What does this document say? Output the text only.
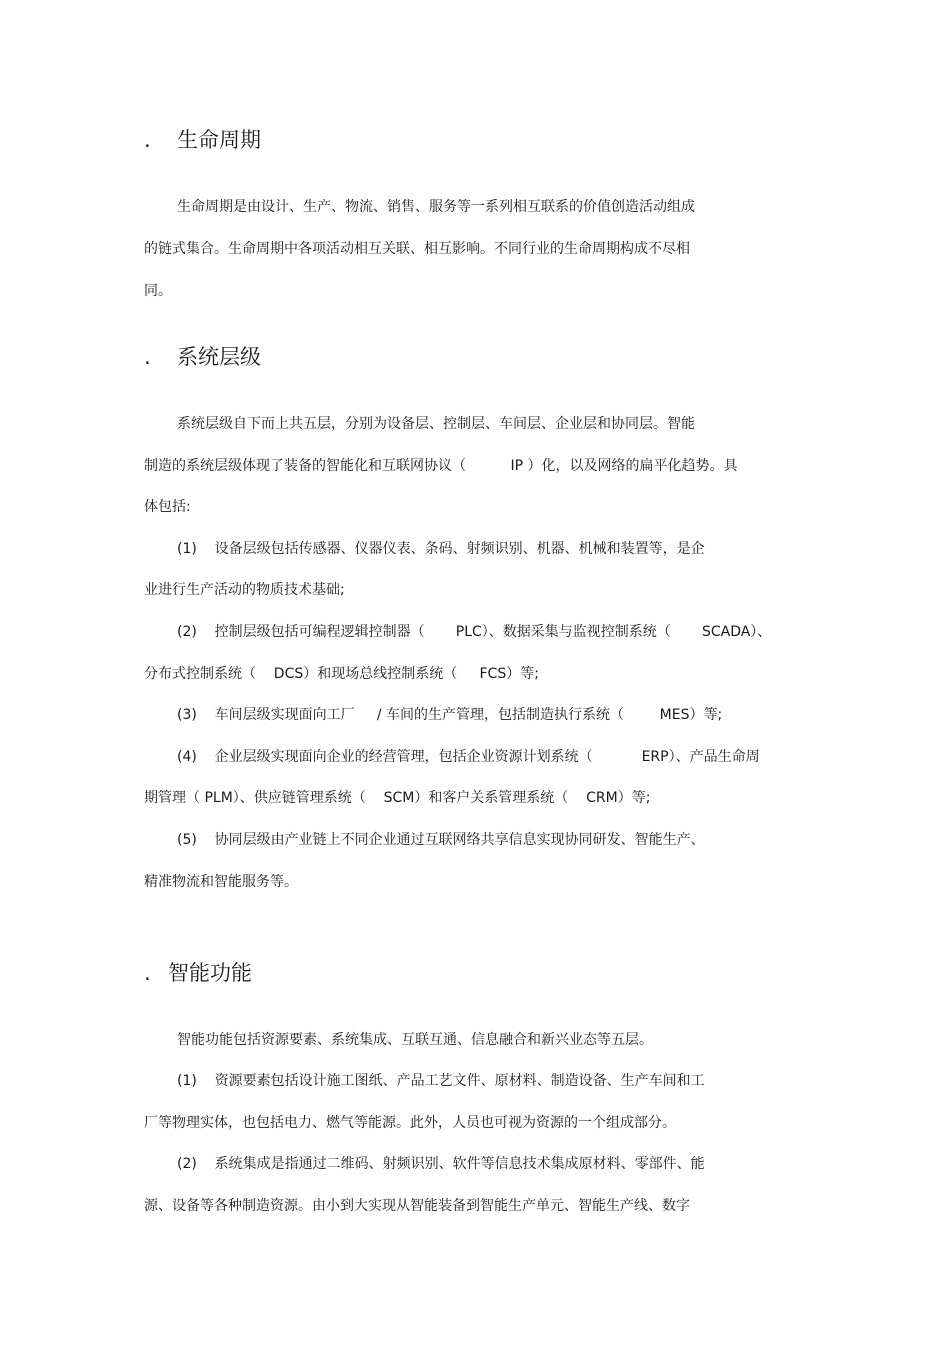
. 生命周期
生命周期是由设计、生产、物流、销售、服务等一系列相互联系的价值创造活动组成
的链式集合。生命周期中各项活动相互关联、相互影响。不同行业的生命周期构成不尽相
同。
. 系统层级
系统层级自下而上共五层，分别为设备层、控制层、车间层、企业层和协同层。智能
制造的系统层级体现了装备的智能化和互联网协议（          IP ）化，以及网络的扁平化趋势。具
体包括:
(1)    设备层级包括传感器、仪器仪表、条码、射频识别、机器、机械和装置等，是企
业进行生产活动的物质技术基础;
(2)    控制层级包括可编程逻辑控制器（       PLC）、数据采集与监视控制系统（       SCADA）、
分布式控制系统（    DCS）和现场总线控制系统（     FCS）等;
(3)    车间层级实现面向工厂     / 车间的生产管理，包括制造执行系统（        MES）等;
(4)    企业层级实现面向企业的经营管理，包括企业资源计划系统（           ERP）、产品生命周
期管理（ PLM）、供应链管理系统（    SCM）和客户关系管理系统（    CRM）等;
(5)    协同层级由产业链上不同企业通过互联网络共享信息实现协同研发、智能生产、
精准物流和智能服务等。
. 智能功能
智能功能包括资源要素、系统集成、互联互通、信息融合和新兴业态等五层。
(1)    资源要素包括设计施工图纸、产品工艺文件、原材料、制造设备、生产车间和工
厂等物理实体，也包括电力、燃气等能源。此外，人员也可视为资源的一个组成部分。
(2)    系统集成是指通过二维码、射频识别、软件等信息技术集成原材料、零部件、能
源、设备等各种制造资源。由小到大实现从智能装备到智能生产单元、智能生产线、数字
